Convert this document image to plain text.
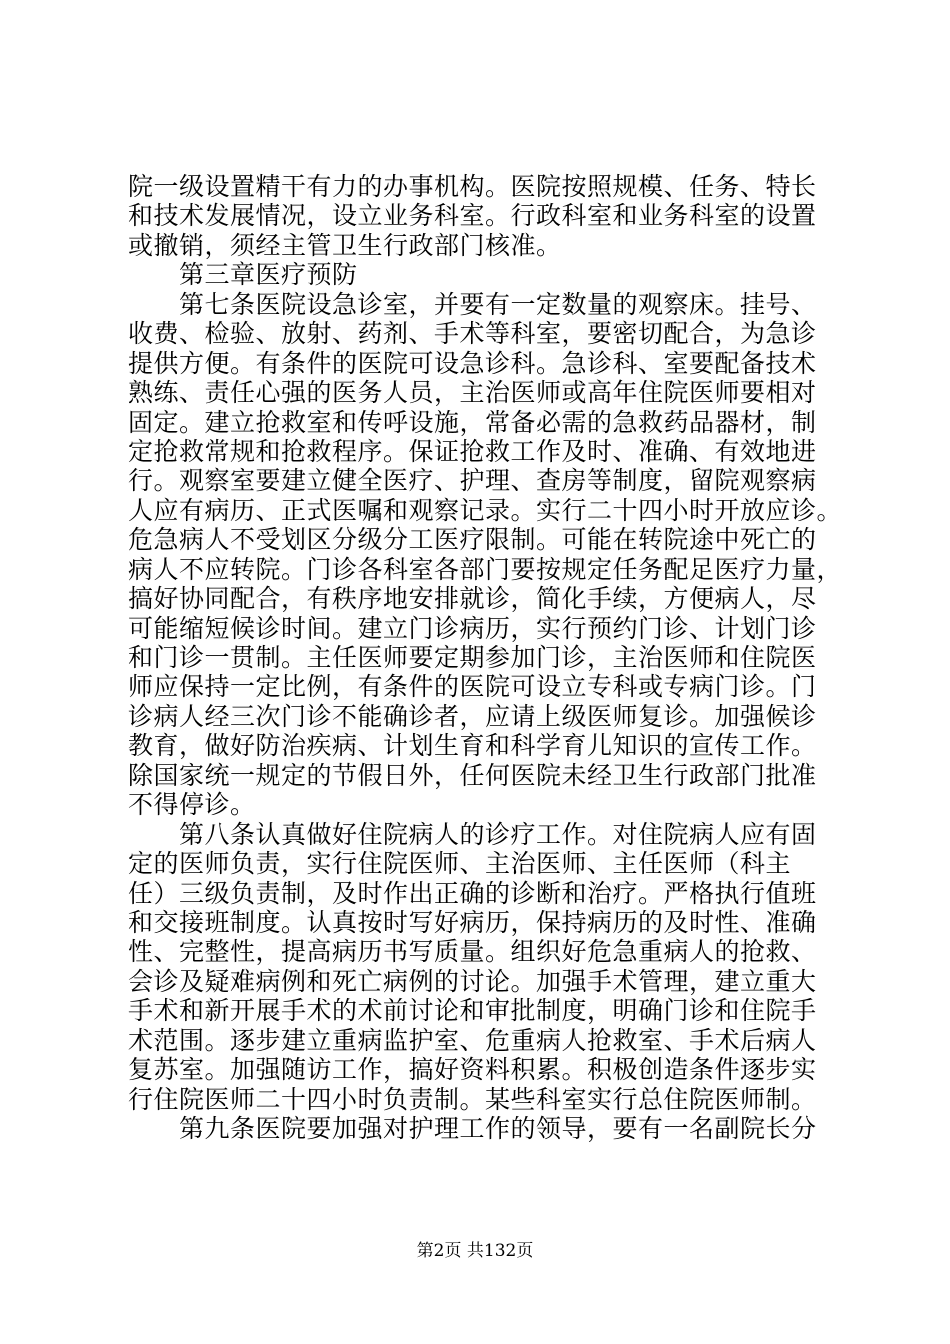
院一级设置精干有力的办事机构。医院按照规模、任务、特长
和技术发展情况，设立业务科室。行政科室和业务科室的设置
或撤销，须经主管卫生行政部门核准。
第三章医疗预防
第七条医院设急诊室，并要有一定数量的观察床。挂号、
收费、检验、放射、药剂、手术等科室，要密切配合，为急诊
提供方便。有条件的医院可设急诊科。急诊科、室要配备技术
熟练、责任心强的医务人员，主治医师或高年住院医师要相对
固定。建立抢救室和传呼设施，常备必需的急救药品器材，制
定抢救常规和抢救程序。保证抢救工作及时、准确、有效地进
行。观察室要建立健全医疗、护理、查房等制度，留院观察病
人应有病历、正式医嘱和观察记录。实行二十四小时开放应诊。
危急病人不受划区分级分工医疗限制。可能在转院途中死亡的
病人不应转院。门诊各科室各部门要按规定任务配足医疗力量，
搞好协同配合，有秩序地安排就诊，简化手续，方便病人，尽
可能缩短候诊时间。建立门诊病历，实行预约门诊、计划门诊
和门诊一贯制。主任医师要定期参加门诊，主治医师和住院医
师应保持一定比例，有条件的医院可设立专科或专病门诊。门
诊病人经三次门诊不能确诊者，应请上级医师复诊。加强候诊
教育，做好防治疾病、计划生育和科学育儿知识的宣传工作。
除国家统一规定的节假日外，任何医院未经卫生行政部门批准
不得停诊。
第八条认真做好住院病人的诊疗工作。对住院病人应有固
定的医师负责，实行住院医师、主治医师、主任医师（科主
任）三级负责制，及时作出正确的诊断和治疗。严格执行值班
和交接班制度。认真按时写好病历，保持病历的及时性、准确
性、完整性，提高病历书写质量。组织好危急重病人的抢救、
会诊及疑难病例和死亡病例的讨论。加强手术管理，建立重大
手术和新开展手术的术前讨论和审批制度，明确门诊和住院手
术范围。逐步建立重病监护室、危重病人抢救室、手术后病人
复苏室。加强随访工作，搞好资料积累。积极创造条件逐步实
行住院医师二十四小时负责制。某些科室实行总住院医师制。
第九条医院要加强对护理工作的领导，要有一名副院长分
第2页 共132页
